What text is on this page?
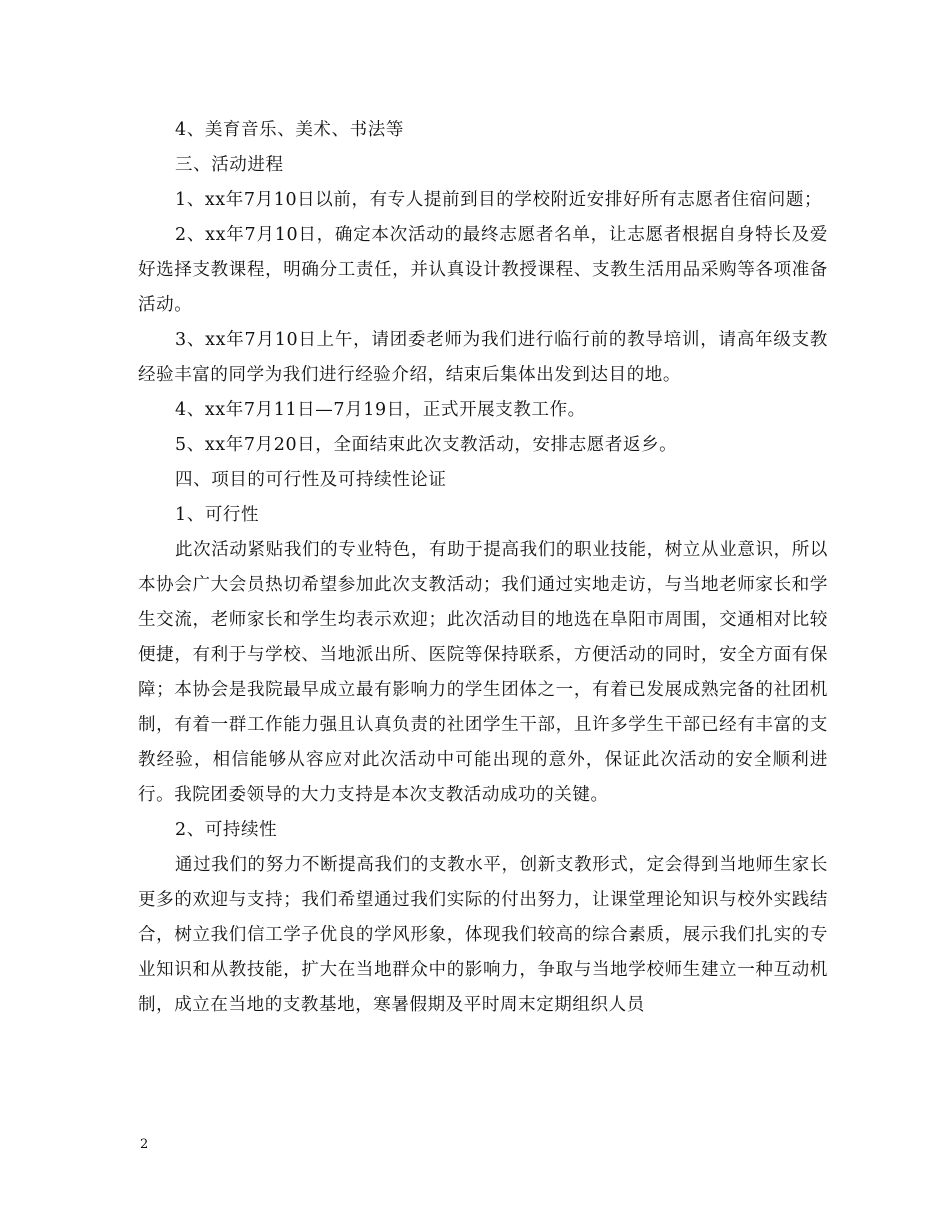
4、美育音乐、美术、书法等

三、活动进程

1、xx年7月10日以前，有专人提前到目的学校附近安排好所有志愿者住宿问题；

2、xx年7月10日，确定本次活动的最终志愿者名单，让志愿者根据自身特长及爱好选择支教课程，明确分工责任，并认真设计教授课程、支教生活用品采购等各项准备活动。

3、xx年7月10日上午，请团委老师为我们进行临行前的教导培训，请高年级支教经验丰富的同学为我们进行经验介绍，结束后集体出发到达目的地。

4、xx年7月11日—7月19日，正式开展支教工作。

5、xx年7月20日，全面结束此次支教活动，安排志愿者返乡。

四、项目的可行性及可持续性论证

1、可行性

此次活动紧贴我们的专业特色，有助于提高我们的职业技能，树立从业意识，所以本协会广大会员热切希望参加此次支教活动；我们通过实地走访，与当地老师家长和学生交流，老师家长和学生均表示欢迎；此次活动目的地选在阜阳市周围，交通相对比较便捷，有利于与学校、当地派出所、医院等保持联系，方便活动的同时，安全方面有保障；本协会是我院最早成立最有影响力的学生团体之一，有着已发展成熟完备的社团机制，有着一群工作能力强且认真负责的社团学生干部，且许多学生干部已经有丰富的支教经验，相信能够从容应对此次活动中可能出现的意外，保证此次活动的安全顺利进行。我院团委领导的大力支持是本次支教活动成功的关键。

2、可持续性

通过我们的努力不断提高我们的支教水平，创新支教形式，定会得到当地师生家长更多的欢迎与支持；我们希望通过我们实际的付出努力，让课堂理论知识与校外实践结合，树立我们信工学子优良的学风形象，体现我们较高的综合素质，展示我们扎实的专业知识和从教技能，扩大在当地群众中的影响力，争取与当地学校师生建立一种互动机制，成立在当地的支教基地，寒暑假期及平时周末定期组织人员

2
